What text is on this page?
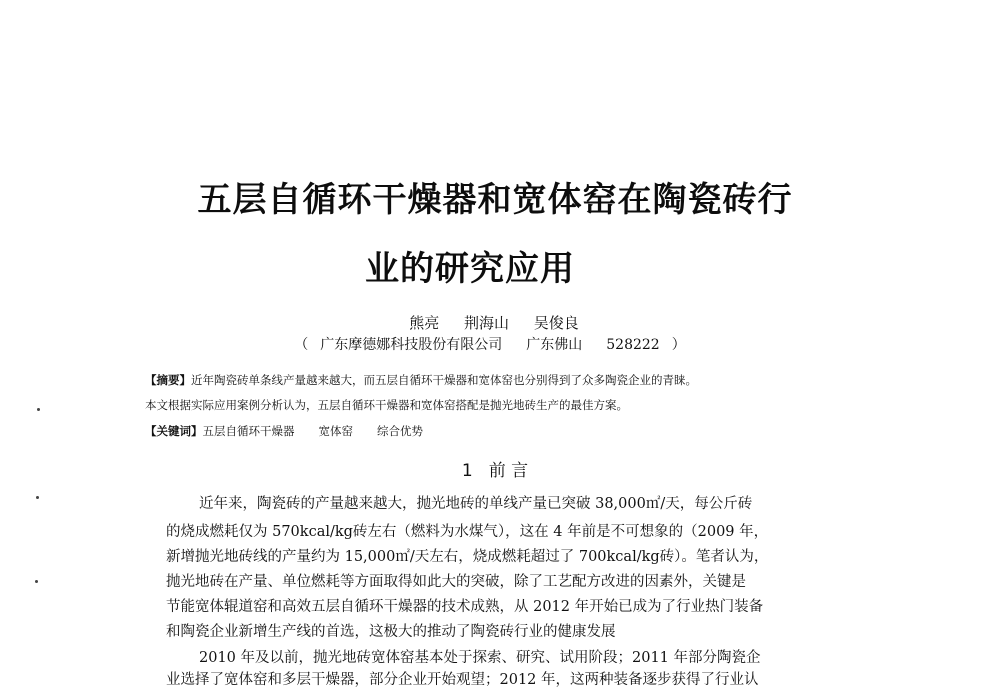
五层自循环干燥器和宽体窑在陶瓷砖行
业的研究应用
熊亮 荆海山 吴俊良
（ 广东摩德娜科技股份有限公司 广东佛山 528222 ）
【摘要】近年陶瓷砖单条线产量越来越大，而五层自循环干燥器和宽体窑也分别得到了众多陶瓷企业的青睐。
本文根据实际应用案例分析认为，五层自循环干燥器和宽体窑搭配是抛光地砖生产的最佳方案。
【关键词】五层自循环干燥器 宽体窑 综合优势
1 前 言
近年来，陶瓷砖的产量越来越大，抛光地砖的单线产量已突破 38,000㎡/天，每公斤砖
的烧成燃耗仅为 570kcal/kg砖左右（燃料为水煤气），这在 4 年前是不可想象的（2009 年，
新增抛光地砖线的产量约为 15,000㎡/天左右，烧成燃耗超过了 700kcal/kg砖）。笔者认为，
抛光地砖在产量、单位燃耗等方面取得如此大的突破，除了工艺配方改进的因素外，关键是
节能宽体辊道窑和高效五层自循环干燥器的技术成熟，从 2012 年开始已成为了行业热门装备
和陶瓷企业新增生产线的首选，这极大的推动了陶瓷砖行业的健康发展
2010 年及以前，抛光地砖宽体窑基本处于探索、研究、试用阶段；2011 年部分陶瓷企
业选择了宽体窑和多层干燥器，部分企业开始观望；2012 年，这两种装备逐步获得了行业认
